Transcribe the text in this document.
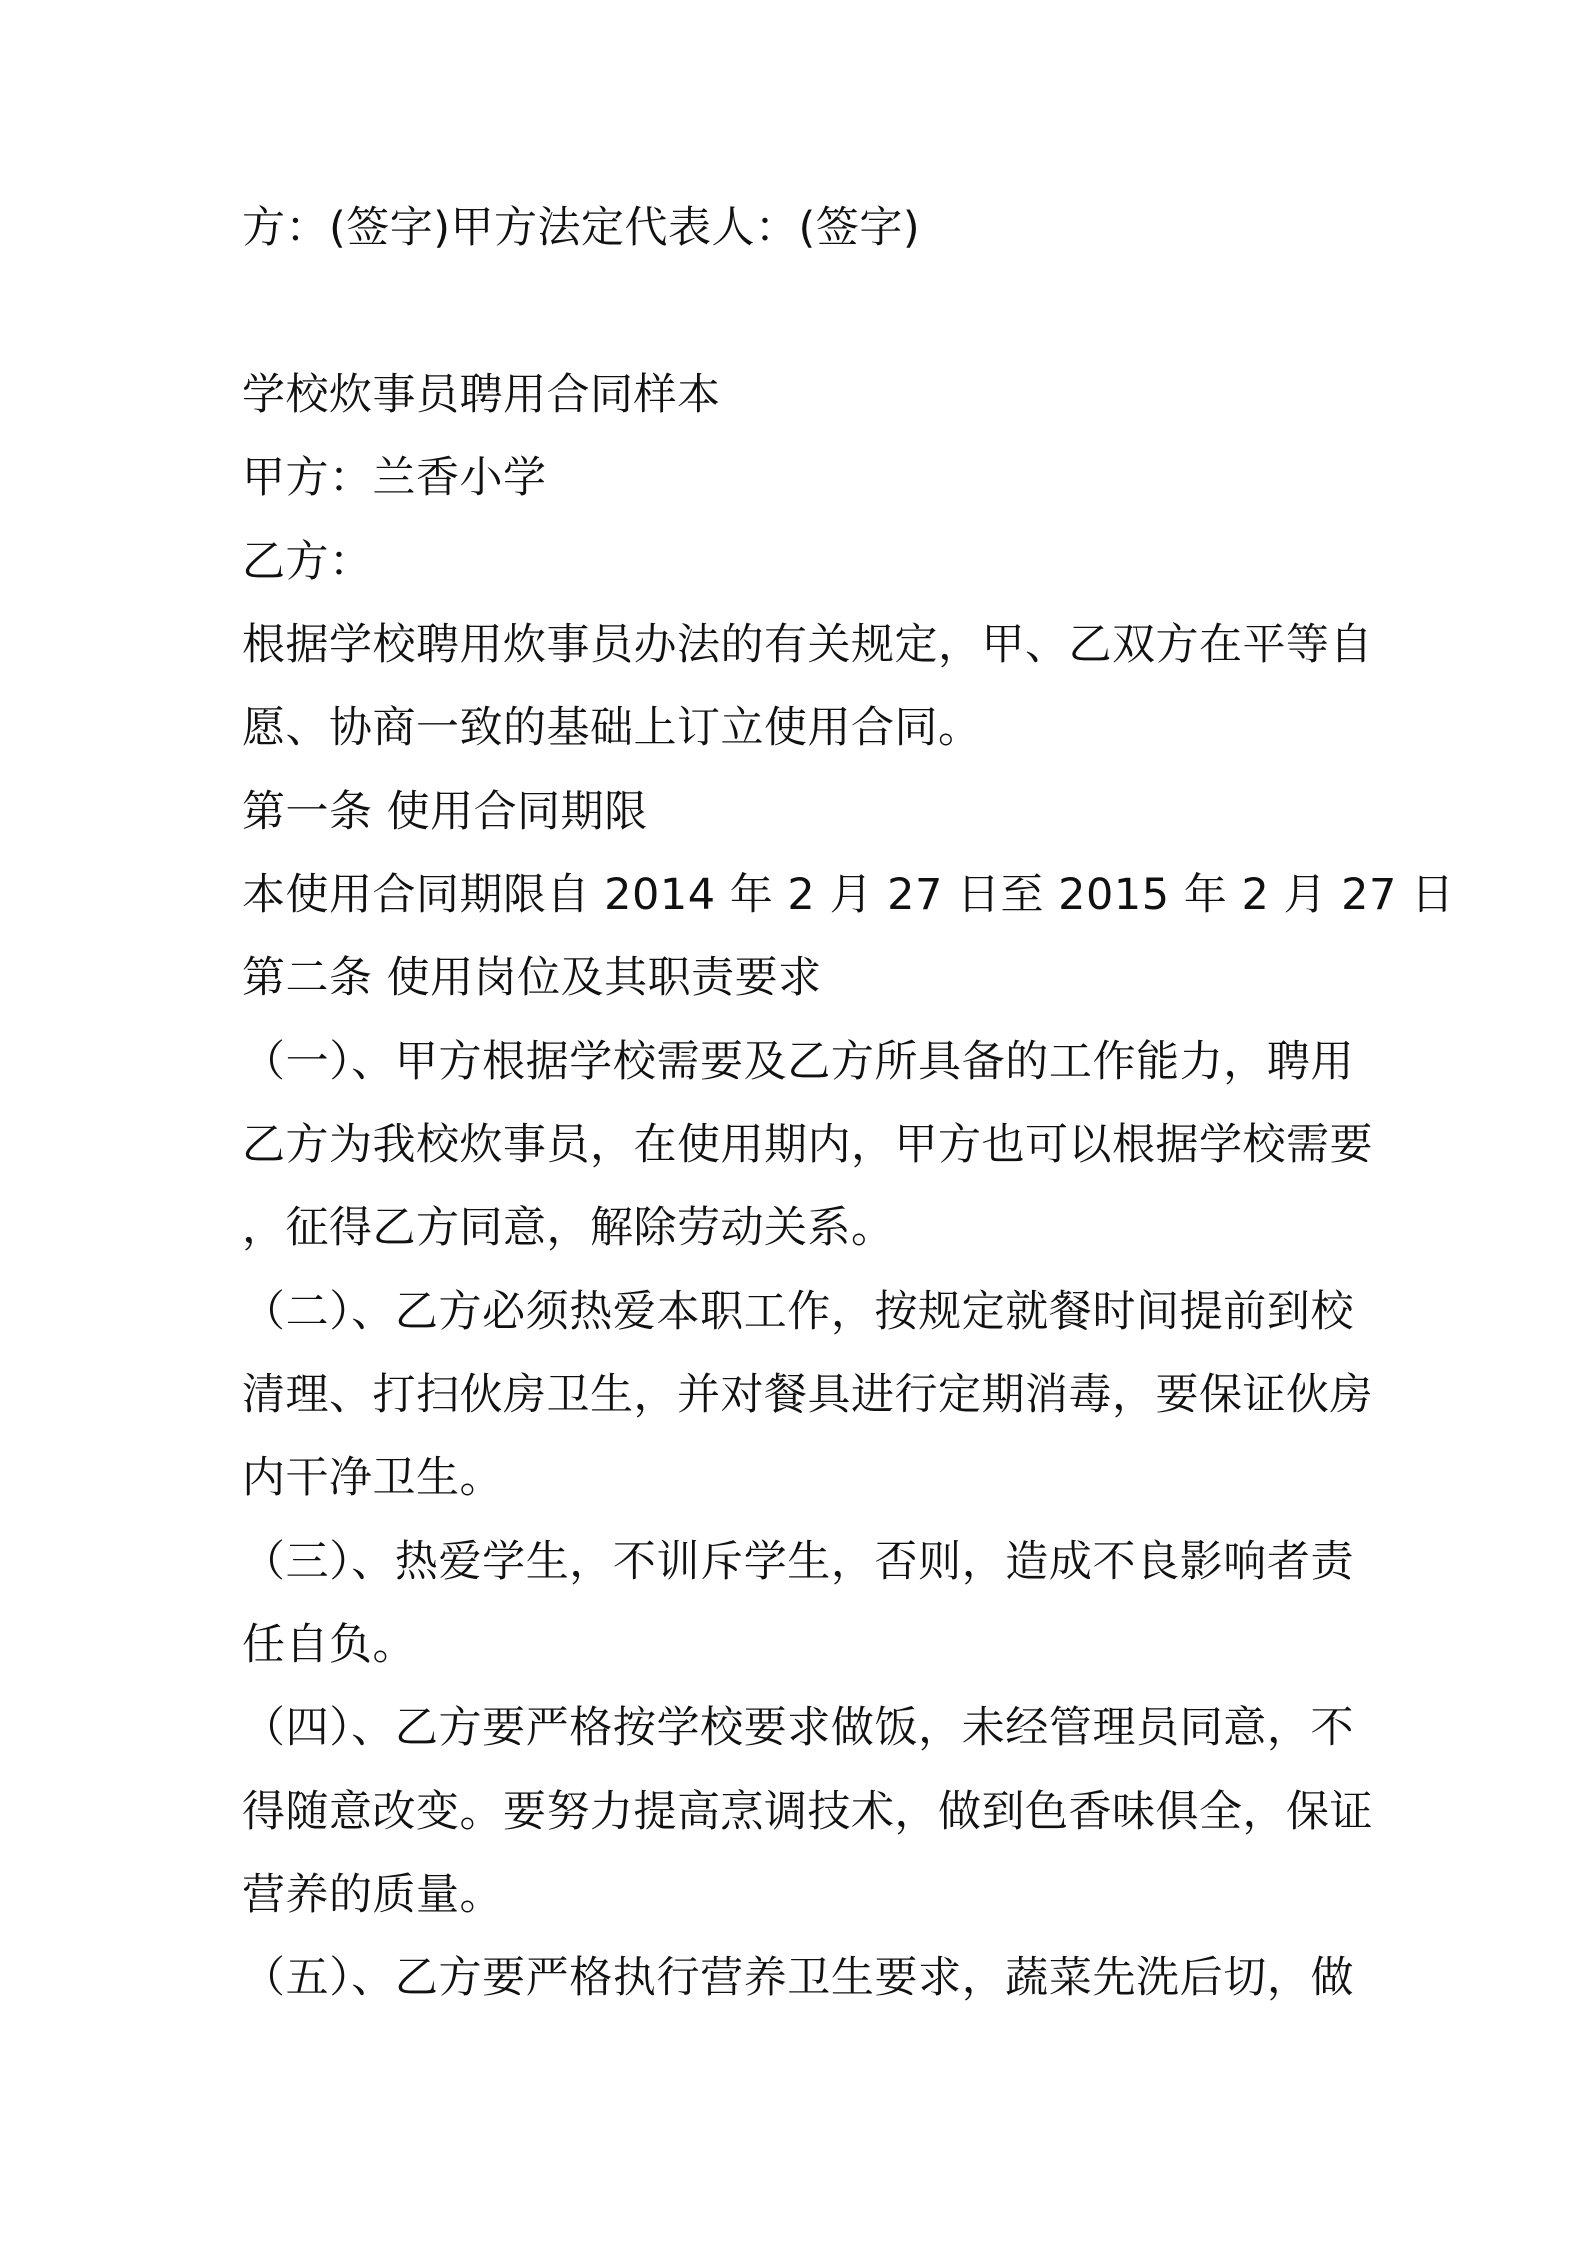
方：(签字)甲方法定代表人：(签字)
学校炊事员聘用合同样本
甲方：兰香小学
乙方：
根据学校聘用炊事员办法的有关规定，甲、乙双方在平等自
愿、协商一致的基础上订立使用合同。
第一条 使用合同期限
本使用合同期限自 2014 年 2 月 27 日至 2015 年 2 月 27 日
第二条 使用岗位及其职责要求
（一）、甲方根据学校需要及乙方所具备的工作能力，聘用
乙方为我校炊事员，在使用期内，甲方也可以根据学校需要
，征得乙方同意，解除劳动关系。
（二）、乙方必须热爱本职工作，按规定就餐时间提前到校
清理、打扫伙房卫生，并对餐具进行定期消毒，要保证伙房
内干净卫生。
（三）、热爱学生，不训斥学生，否则，造成不良影响者责
任自负。
（四）、乙方要严格按学校要求做饭，未经管理员同意，不
得随意改变。要努力提高烹调技术，做到色香味俱全，保证
营养的质量。
（五）、乙方要严格执行营养卫生要求，蔬菜先洗后切，做
